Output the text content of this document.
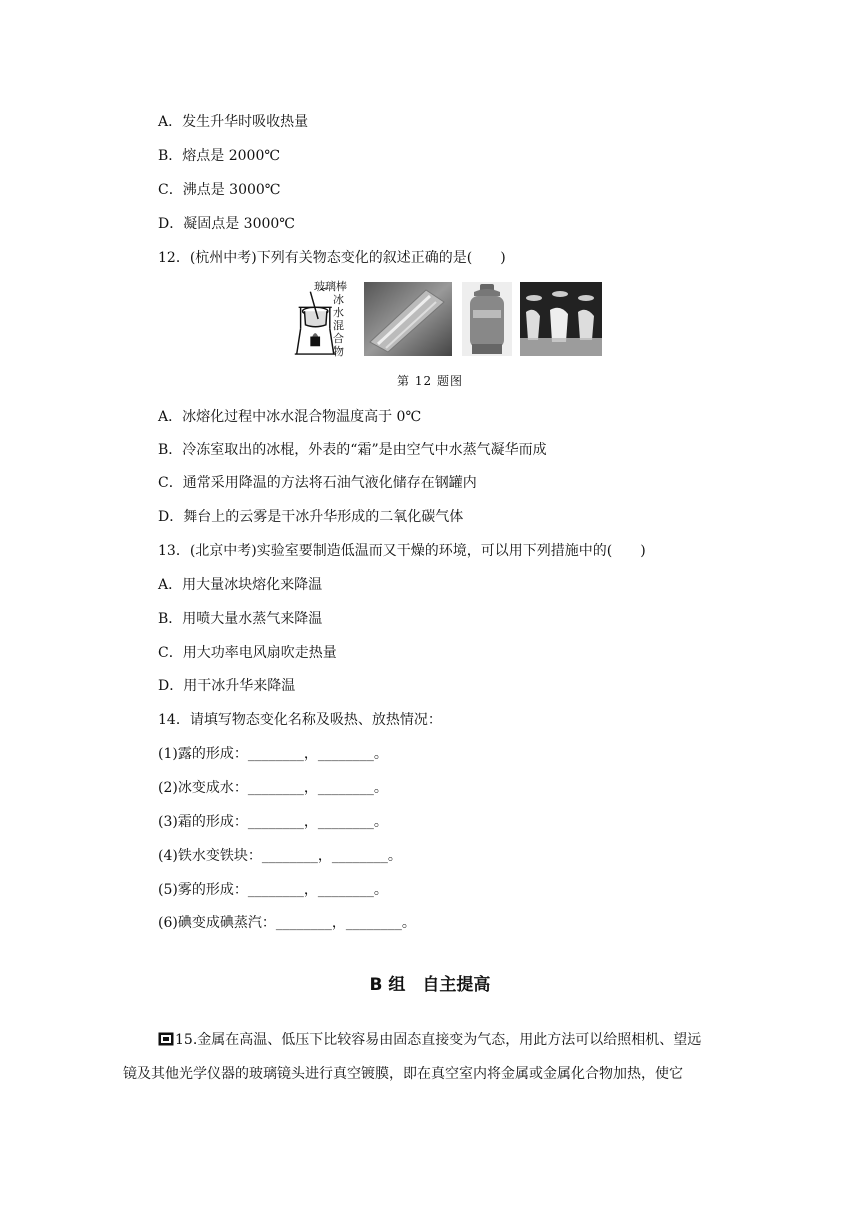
A．发生升华时吸收热量
B．熔点是 2000℃
C．沸点是 3000℃
D．凝固点是 3000℃
12．(杭州中考)下列有关物态变化的叙述正确的是(　　)
玻璃棒
冰
水
混
合
物
第 12 题图
A．冰熔化过程中冰水混合物温度高于 0℃
B．冷冻室取出的冰棍，外表的“霜”是由空气中水蒸气凝华而成
C．通常采用降温的方法将石油气液化储存在钢罐内
D．舞台上的云雾是干冰升华形成的二氧化碳气体
13．(北京中考)实验室要制造低温而又干燥的环境，可以用下列措施中的(　　)
A．用大量冰块熔化来降温
B．用喷大量水蒸气来降温
C．用大功率电风扇吹走热量
D．用干冰升华来降温
14．请填写物态变化名称及吸热、放热情况：
(1)露的形成：________，________。
(2)冰变成水：________，________。
(3)霜的形成：________，________。
(4)铁水变铁块：________，________。
(5)雾的形成：________，________。
(6)碘变成碘蒸汽：________，________。
B 组　自主提高
15.金属在高温、低压下比较容易由固态直接变为气态，用此方法可以给照相机、望远
镜及其他光学仪器的玻璃镜头进行真空镀膜，即在真空室内将金属或金属化合物加热，使它
